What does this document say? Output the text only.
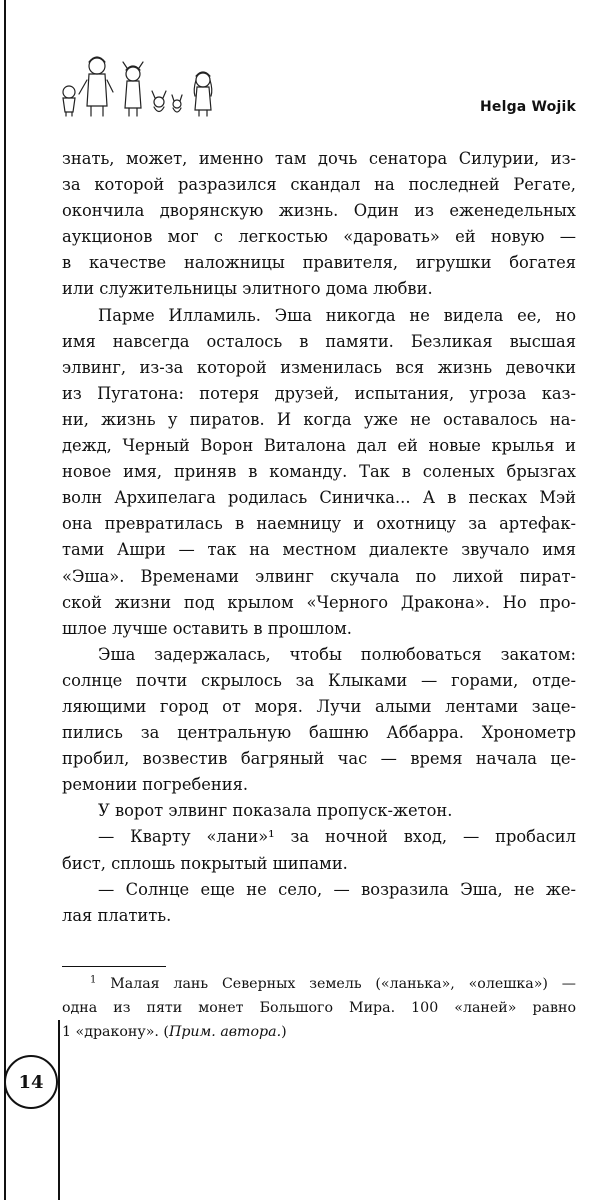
Helga Wojik

знать, может, именно там дочь сенатора Силурии, из-
за которой разразился скандал на последней Регате,
окончила дворянскую жизнь. Один из еженедельных
аукционов мог с легкостью «даровать» ей новую —
в качестве наложницы правителя, игрушки богатея
или служительницы элитного дома любви.

Парме Илламиль. Эша никогда не видела ее, но
имя навсегда осталось в памяти. Безликая высшая
элвинг, из-за которой изменилась вся жизнь девочки
из Пугатона: потеря друзей, испытания, угроза каз-
ни, жизнь у пиратов. И когда уже не оставалось на-
дежд, Черный Ворон Виталона дал ей новые крылья и
новое имя, приняв в команду. Так в соленых брызгах
волн Архипелага родилась Синичка... А в песках Мэй
она превратилась в наемницу и охотницу за артефак-
тами Ашри — так на местном диалекте звучало имя
«Эша». Временами элвинг скучала по лихой пират-
ской жизни под крылом «Черного Дракона». Но про-
шлое лучше оставить в прошлом.

Эша задержалась, чтобы полюбоваться закатом:
солнце почти скрылось за Клыками — горами, отде-
ляющими город от моря. Лучи алыми лентами заце-
пились за центральную башню Аббарра. Хронометр
пробил, возвестив багряный час — время начала це-
ремонии погребения.

У ворот элвинг показала пропуск-жетон.

— Кварту «лани»¹ за ночной вход, — пробасил
бист, сплошь покрытый шипами.

— Солнце еще не село, — возразила Эша, не же-
лая платить.

$^1$ Малая лань Северных земель («ланька», «олешка») —
одна из пяти монет Большого Мира. 100 «ланей» равно
1 «дракону». (Прим. автора.)

14
